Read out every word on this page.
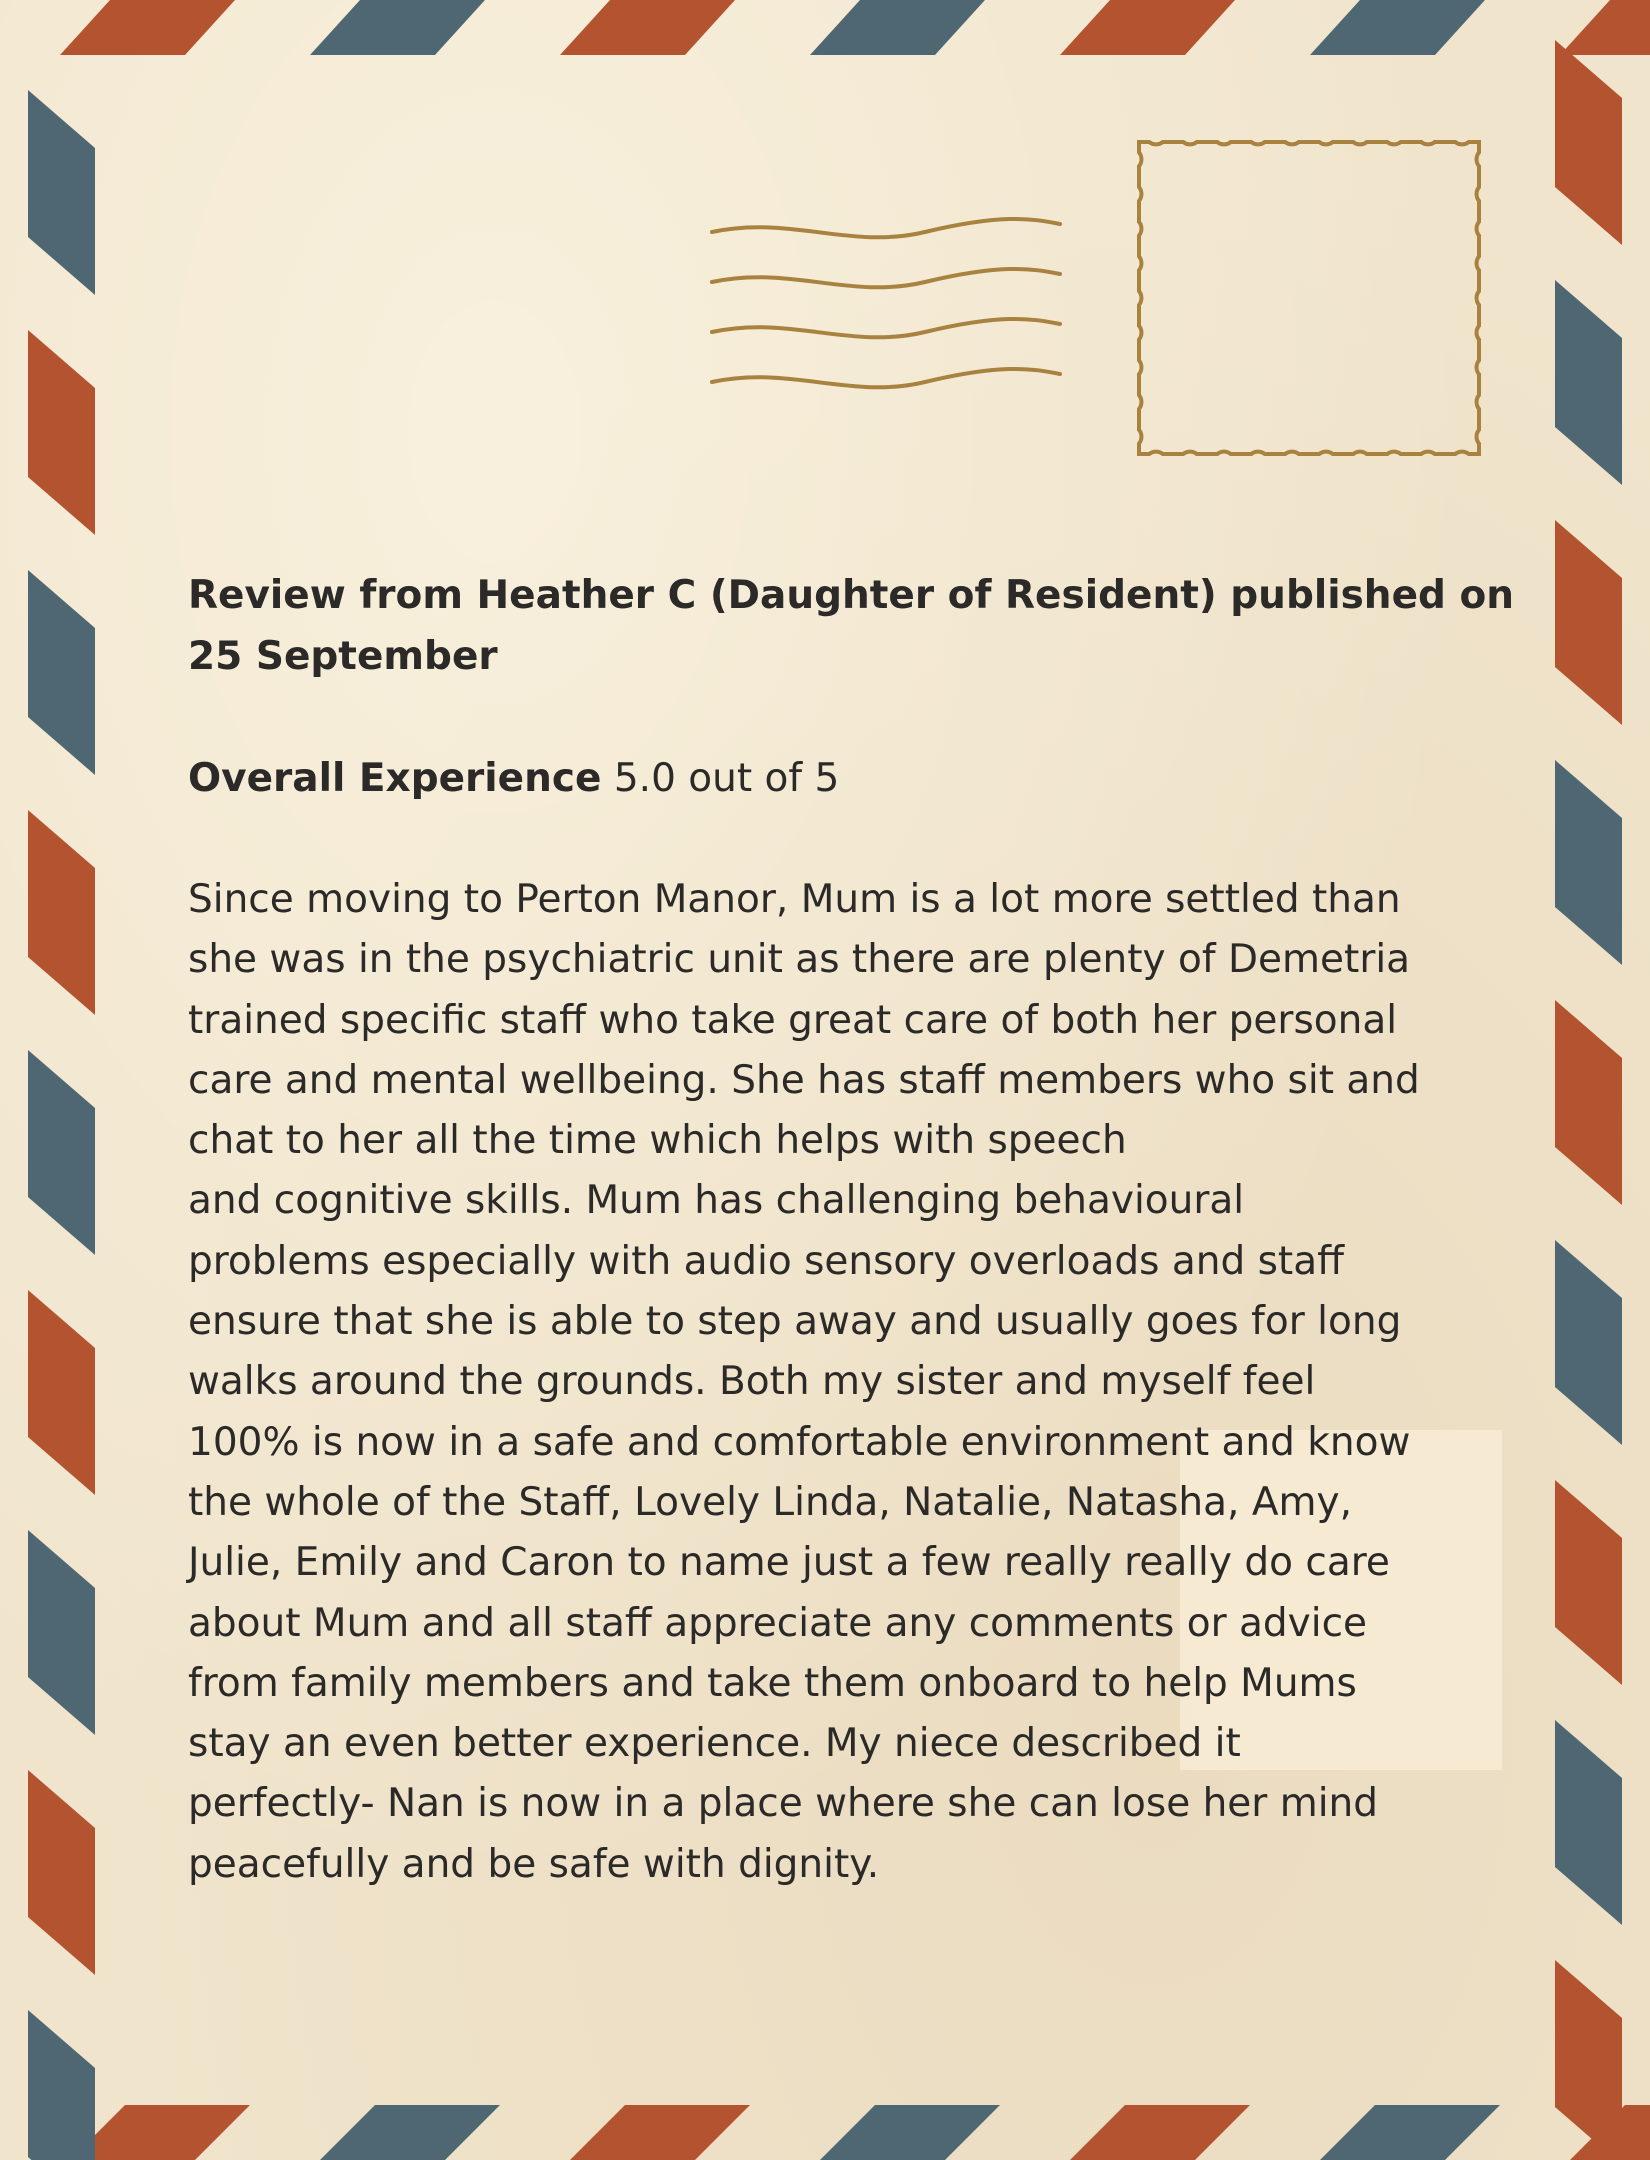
Review from Heather C (Daughter of Resident) published on
25 September
Overall Experience 5.0 out of 5
Since moving to Perton Manor, Mum is a lot more settled than
she was in the psychiatric unit as there are plenty of Demetria
trained specific staff who take great care of both her personal
care and mental wellbeing. She has staff members who sit and
chat to her all the time which helps with speech
and cognitive skills. Mum has challenging behavioural
problems especially with audio sensory overloads and staff
ensure that she is able to step away and usually goes for long
walks around the grounds. Both my sister and myself feel
100% is now in a safe and comfortable environment and know
the whole of the Staff, Lovely Linda, Natalie, Natasha, Amy,
Julie, Emily and Caron to name just a few really really do care
about Mum and all staff appreciate any comments or advice
from family members and take them onboard to help Mums
stay an even better experience. My niece described it
perfectly- Nan is now in a place where she can lose her mind
peacefully and be safe with dignity.
